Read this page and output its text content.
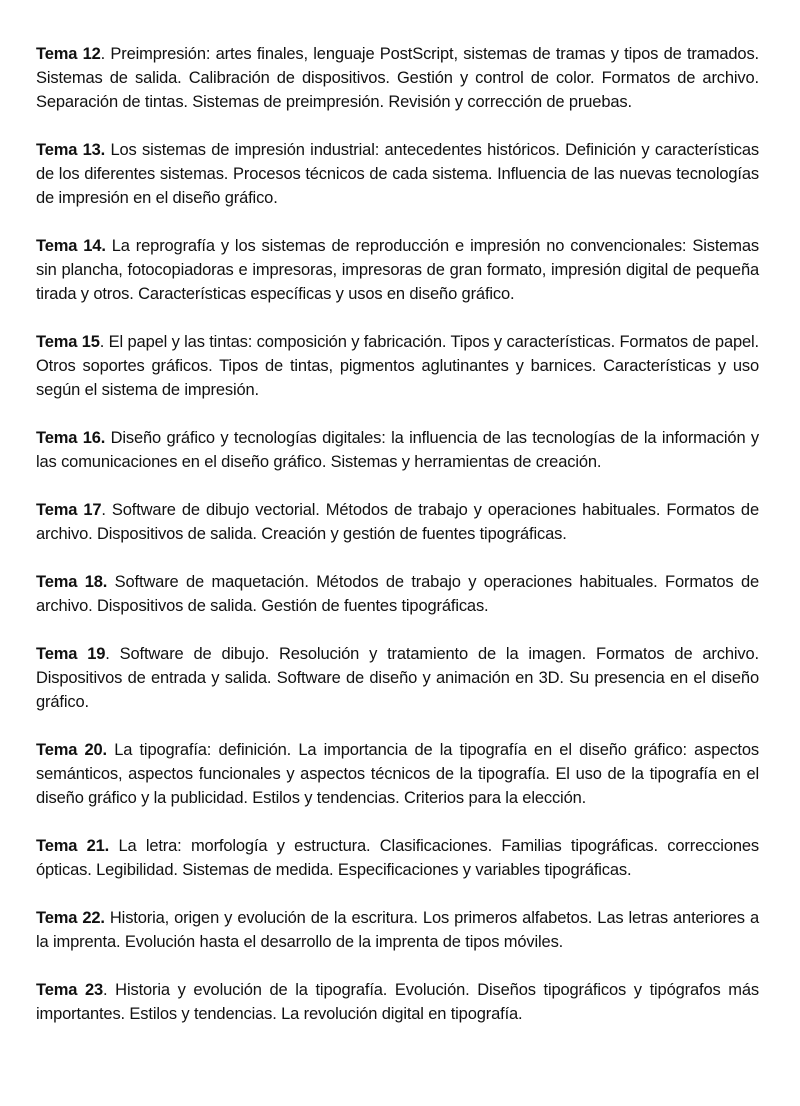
Tema 12. Preimpresión: artes finales, lenguaje PostScript, sistemas de tramas y tipos de tramados. Sistemas de salida. Calibración de dispositivos. Gestión y control de color. Formatos de archivo. Separación de tintas. Sistemas de preimpresión. Revisión y corrección de pruebas.

Tema 13. Los sistemas de impresión industrial: antecedentes históricos. Definición y características de los diferentes sistemas. Procesos técnicos de cada sistema. Influencia de las nuevas tecnologías de impresión en el diseño gráfico.

Tema 14. La reprografía y los sistemas de reproducción e impresión no convencionales: Sistemas sin plancha, fotocopiadoras e impresoras, impresoras de gran formato, impresión digital de pequeña tirada y otros. Características específicas y usos en diseño gráfico.

Tema 15. El papel y las tintas: composición y fabricación. Tipos y características. Formatos de papel. Otros soportes gráficos. Tipos de tintas, pigmentos aglutinantes y barnices. Características y uso según el sistema de impresión.

Tema 16. Diseño gráfico y tecnologías digitales: la influencia de las tecnologías de la información y las comunicaciones en el diseño gráfico. Sistemas y herramientas de creación.

Tema 17. Software de dibujo vectorial. Métodos de trabajo y operaciones habituales. Formatos de archivo. Dispositivos de salida. Creación y gestión de fuentes tipográficas.

Tema 18. Software de maquetación. Métodos de trabajo y operaciones habituales. Formatos de archivo. Dispositivos de salida. Gestión de fuentes tipográficas.

Tema 19. Software de dibujo. Resolución y tratamiento de la imagen. Formatos de archivo. Dispositivos de entrada y salida. Software de diseño y animación en 3D. Su presencia en el diseño gráfico.

Tema 20. La tipografía: definición. La importancia de la tipografía en el diseño gráfico: aspectos semánticos, aspectos funcionales y aspectos técnicos de la tipografía. El uso de la tipografía en el diseño gráfico y la publicidad. Estilos y tendencias. Criterios para la elección.

Tema 21. La letra: morfología y estructura. Clasificaciones. Familias tipográficas. correcciones ópticas. Legibilidad. Sistemas de medida. Especificaciones y variables tipográficas.

Tema 22. Historia, origen y evolución de la escritura. Los primeros alfabetos. Las letras anteriores a la imprenta. Evolución hasta el desarrollo de la imprenta de tipos móviles.

Tema 23. Historia y evolución de la tipografía. Evolución. Diseños tipográficos y tipógrafos más importantes. Estilos y tendencias. La revolución digital en tipografía.
